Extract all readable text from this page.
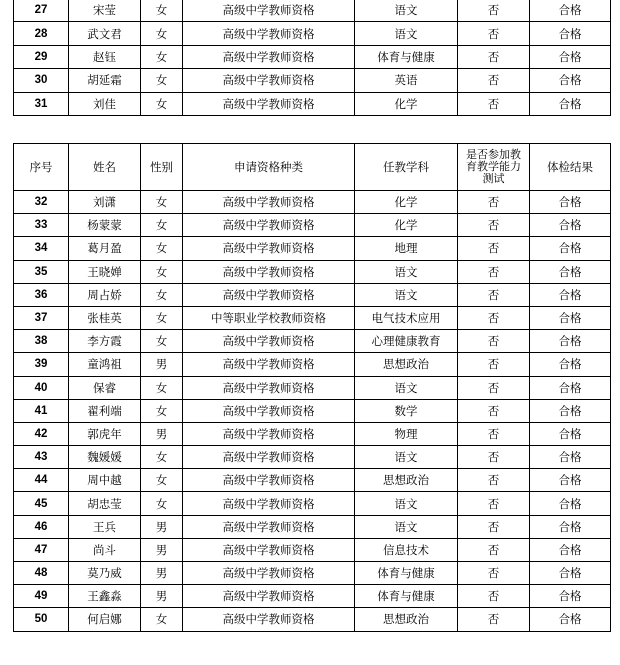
27	宋莹	女	高级中学教师资格	语文	否	合格
28	武文君	女	高级中学教师资格	语文	否	合格
29	赵钰	女	高级中学教师资格	体育与健康	否	合格
30	胡延霜	女	高级中学教师资格	英语	否	合格
31	刘佳	女	高级中学教师资格	化学	否	合格
序号	姓名	性别	申请资格种类	任教学科	是否参加教育教学能力测试	体检结果
32	刘潇	女	高级中学教师资格	化学	否	合格
33	杨蒙蒙	女	高级中学教师资格	化学	否	合格
34	葛月盈	女	高级中学教师资格	地理	否	合格
35	王晓婵	女	高级中学教师资格	语文	否	合格
36	周占娇	女	高级中学教师资格	语文	否	合格
37	张桂英	女	中等职业学校教师资格	电气技术应用	否	合格
38	李方霞	女	高级中学教师资格	心理健康教育	否	合格
39	童鸿祖	男	高级中学教师资格	思想政治	否	合格
40	保睿	女	高级中学教师资格	语文	否	合格
41	翟利端	女	高级中学教师资格	数学	否	合格
42	郭虎年	男	高级中学教师资格	物理	否	合格
43	魏媛媛	女	高级中学教师资格	语文	否	合格
44	周中越	女	高级中学教师资格	思想政治	否	合格
45	胡忠莹	女	高级中学教师资格	语文	否	合格
46	王兵	男	高级中学教师资格	语文	否	合格
47	尚斗	男	高级中学教师资格	信息技术	否	合格
48	莫乃威	男	高级中学教师资格	体育与健康	否	合格
49	王鑫淼	男	高级中学教师资格	体育与健康	否	合格
50	何启娜	女	高级中学教师资格	思想政治	否	合格
